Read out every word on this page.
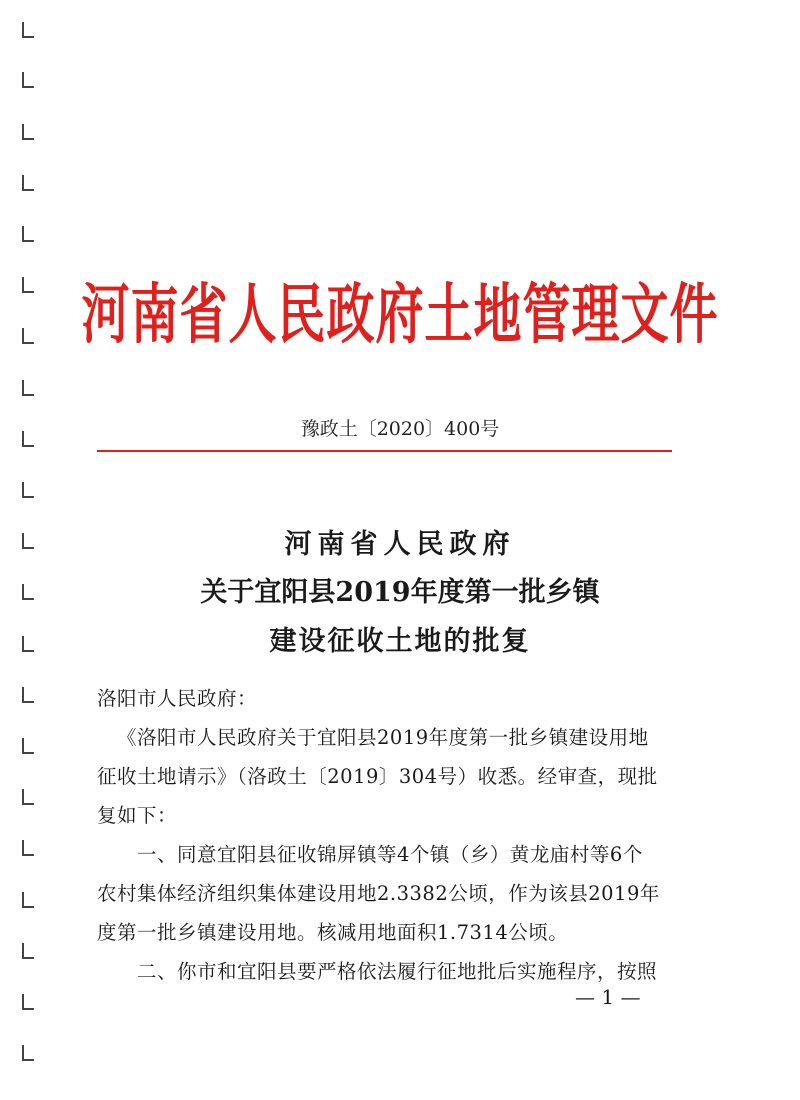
河南省人民政府土地管理文件
豫政土〔2020〕400号
河南省人民政府
关于宜阳县2019年度第一批乡镇
建设征收土地的批复
洛阳市人民政府：
《洛阳市人民政府关于宜阳县2019年度第一批乡镇建设用地
征收土地请示》（洛政土〔2019〕304号）收悉。经审查，现批
复如下：
一、同意宜阳县征收锦屏镇等4个镇（乡）黄龙庙村等6个
农村集体经济组织集体建设用地2.3382公顷，作为该县2019年
度第一批乡镇建设用地。核减用地面积1.7314公顷。
二、你市和宜阳县要严格依法履行征地批后实施程序，按照
— 1 —
